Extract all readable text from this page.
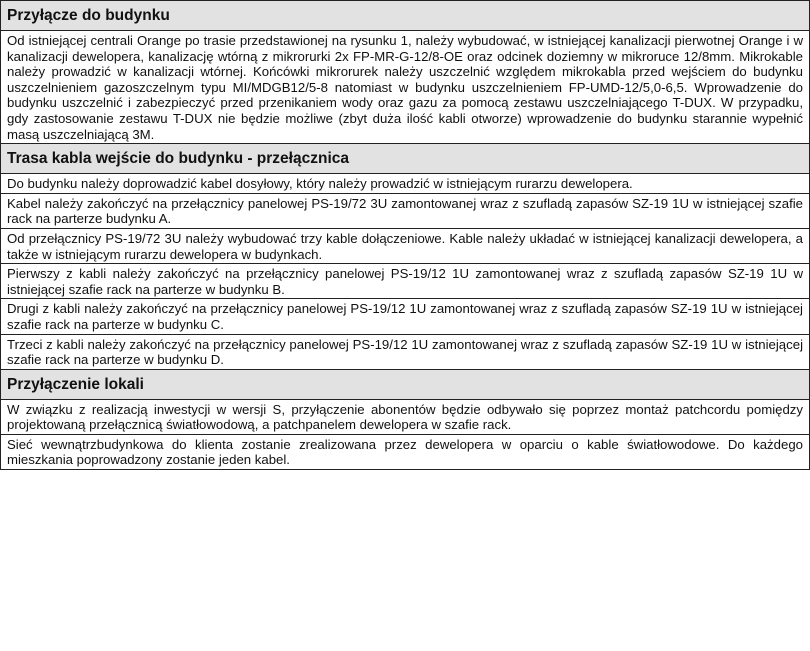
Przyłącze do budynku
Od istniejącej centrali Orange po trasie przedstawionej na rysunku 1, należy wybudować, w istniejącej kanalizacji pierwotnej Orange i w kanalizacji dewelopera, kanalizację wtórną z mikrorurki 2x FP-MR-G-12/8-OE oraz odcinek doziemny w mikroruce 12/8mm. Mikrokable należy prowadzić w kanalizacji wtórnej. Końcówki mikrorurek należy uszczelnić względem mikrokabla przed wejściem do budynku uszczelnieniem gazoszczelnym typu MI/MDGB12/5-8 natomiast w budynku uszczelnieniem FP-UMD-12/5,0-6,5. Wprowadzenie do budynku uszczelnić i zabezpieczyć przed przenikaniem wody oraz gazu za pomocą zestawu uszczelniającego T-DUX. W przypadku, gdy zastosowanie zestawu T-DUX nie będzie możliwe (zbyt duża ilość kabli otworze) wprowadzenie do budynku starannie wypełnić masą uszczelniającą 3M.
Trasa kabla wejście do budynku - przełącznica
Do budynku należy doprowadzić kabel dosyłowy, który należy prowadzić w istniejącym rurarzu dewelopera.
Kabel należy zakończyć na przełącznicy panelowej PS-19/72 3U zamontowanej wraz z szufladą zapasów SZ-19 1U w istniejącej szafie rack na parterze budynku A.
Od przełącznicy PS-19/72 3U należy wybudować trzy kable dołączeniowe. Kable należy układać w istniejącej kanalizacji dewelopera, a także w istniejącym rurarzu dewelopera w budynkach.
Pierwszy z kabli należy zakończyć na przełącznicy panelowej PS-19/12 1U zamontowanej wraz z szufladą zapasów SZ-19 1U w istniejącej szafie rack na parterze w budynku B.
Drugi z kabli należy zakończyć na przełącznicy panelowej PS-19/12 1U zamontowanej wraz z szufladą zapasów SZ-19 1U w istniejącej szafie rack na parterze w budynku C.
Trzeci z kabli należy zakończyć na przełącznicy panelowej PS-19/12 1U zamontowanej wraz z szufladą zapasów SZ-19 1U w istniejącej szafie rack na parterze w budynku D.
Przyłączenie lokali
W związku z realizacją inwestycji w wersji S, przyłączenie abonentów będzie odbywało się poprzez montaż patchcordu pomiędzy projektowaną przełącznicą światłowodową, a patchpanelem dewelopera w szafie rack.
Sieć wewnątrzbudynkowa do klienta zostanie zrealizowana przez dewelopera w oparciu o kable światłowodowe. Do każdego mieszkania poprowadzony zostanie jeden kabel.
